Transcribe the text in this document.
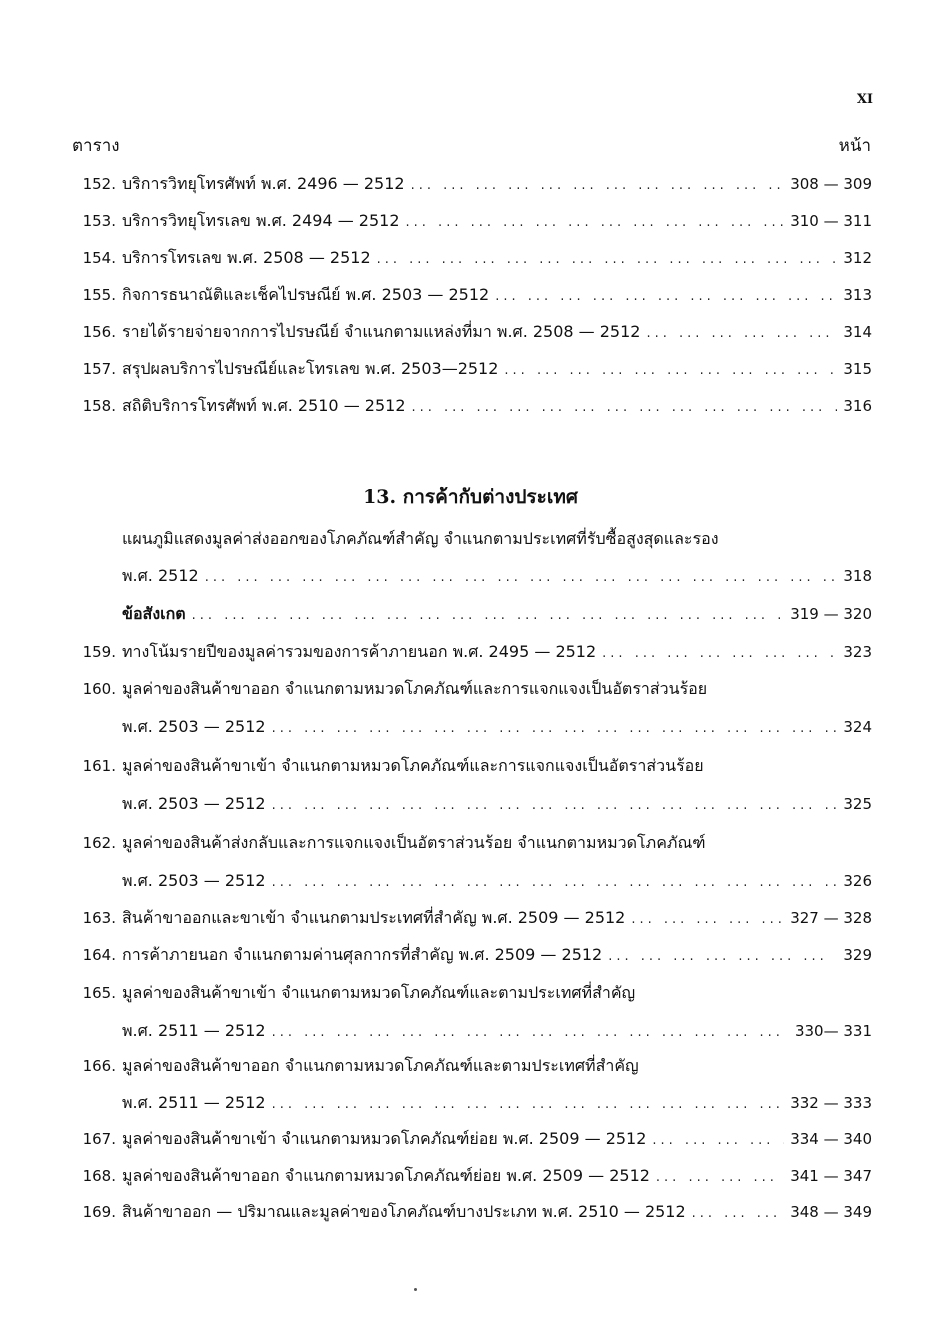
XI
ตาราง	หน้า
152. บริการวิทยุโทรศัพท์ พ.ศ. 2496 — 2512 ... .	308 — 309
153. บริการวิทยุโทรเลข พ.ศ. 2494 — 2512 ... .	310 — 311
154. บริการโทรเลข พ.ศ. 2508 — 2512 ... .	312
155. กิจการธนาณัติและเช็คไปรษณีย์ พ.ศ. 2503 — 2512 ... .	313
156. รายได้รายจ่ายจากการไปรษณีย์ จำแนกตามแหล่งที่มา พ.ศ. 2508 — 2512 ... .	314
157. สรุปผลบริการไปรษณีย์และโทรเลข พ.ศ. 2503—2512 ... .	315
158. สถิติบริการโทรศัพท์ พ.ศ. 2510 — 2512 ... .	316
13. การค้ากับต่างประเทศ
แผนภูมิแสดงมูลค่าส่งออกของโภคภัณฑ์สำคัญ จำแนกตามประเทศที่รับซื้อสูงสุดและรอง
พ.ศ. 2512 ... .	318
ข้อสังเกต ... .	319 — 320
159. ทางโน้มรายปีของมูลค่ารวมของการค้าภายนอก พ.ศ. 2495 — 2512 ... .	323
160. มูลค่าของสินค้าขาออก จำแนกตามหมวดโภคภัณฑ์และการแจกแจงเป็นอัตราส่วนร้อย
พ.ศ. 2503 — 2512 ... .	324
161. มูลค่าของสินค้าขาเข้า จำแนกตามหมวดโภคภัณฑ์และการแจกแจงเป็นอัตราส่วนร้อย
พ.ศ. 2503 — 2512 ... .	325
162. มูลค่าของสินค้าส่งกลับและการแจกแจงเป็นอัตราส่วนร้อย จำแนกตามหมวดโภคภัณฑ์
พ.ศ. 2503 — 2512 ... .	326
163. สินค้าขาออกและขาเข้า จำแนกตามประเทศที่สำคัญ พ.ศ. 2509 — 2512 ... .	327 — 328
164. การค้าภายนอก จำแนกตามค่านศุลกากรที่สำคัญ พ.ศ. 2509 — 2512 ... .	329
165. มูลค่าของสินค้าขาเข้า จำแนกตามหมวดโภคภัณฑ์และตามประเทศที่สำคัญ
พ.ศ. 2511 — 2512 ... .	330— 331
166. มูลค่าของสินค้าขาออก จำแนกตามหมวดโภคภัณฑ์และตามประเทศที่สำคัญ
พ.ศ. 2511 — 2512 ... .	332 — 333
167. มูลค่าของสินค้าขาเข้า จำแนกตามหมวดโภคภัณฑ์ย่อย พ.ศ. 2509 — 2512 ... .	334 — 340
168. มูลค่าของสินค้าขาออก จำแนกตามหมวดโภคภัณฑ์ย่อย พ.ศ. 2509 — 2512 ... .	341 — 347
169. สินค้าขาออก — ปริมาณและมูลค่าของโภคภัณฑ์บางประเภท พ.ศ. 2510 — 2512 ... .	348 — 349
